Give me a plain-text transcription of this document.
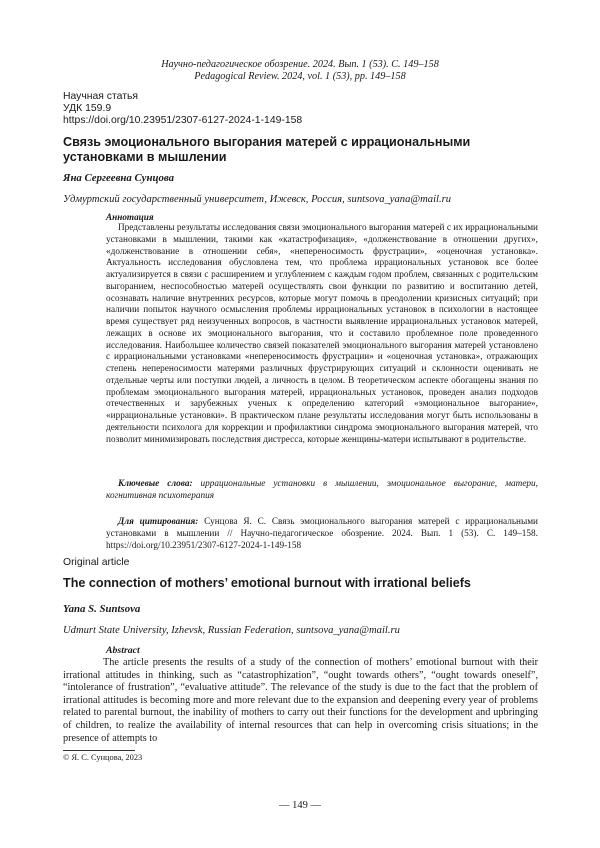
Научно-педагогическое обозрение. 2024. Вып. 1 (53). С. 149–158
Pedagogical Review. 2024, vol. 1 (53), pp. 149–158
Научная статья
УДК 159.9
https://doi.org/10.23951/2307-6127-2024-1-149-158
Связь эмоционального выгорания матерей с иррациональными установками в мышлении
Яна Сергеевна Сунцова
Удмуртский государственный университет, Ижевск, Россия, suntsova_yana@mail.ru
Аннотация
Представлены результаты исследования связи эмоционального выгорания матерей с их иррациональными установками в мышлении, такими как «катастрофизация», «долженствование в отношении других», «долженствование в отношении себя», «непереносимость фрустрации», «оценочная установка». Актуальность исследования обусловлена тем, что проблема иррациональных установок все более актуализируется в связи с расширением и углублением с каждым годом проблем, связанных с родительским выгоранием, неспособностью матерей осуществлять свои функции по развитию и воспитанию детей, осознавать наличие внутренних ресурсов, которые могут помочь в преодолении кризисных ситуаций; при наличии попыток научного осмысления проблемы иррациональных установок в психологии в настоящее время существует ряд неизученных вопросов, в частности выявление иррациональных установок матерей, лежащих в основе их эмоционального выгорания, что и составило проблемное поле проведенного исследования. Наибольшее количество связей показателей эмоционального выгорания матерей установлено с иррациональными установками «непереносимость фрустрации» и «оценочная установка», отражающих степень непереносимости матерями различных фрустрирующих ситуаций и склонности оценивать не отдельные черты или поступки людей, а личность в целом. В теоретическом аспекте обогащены знания по проблемам эмоционального выгорания матерей, иррациональных установок, проведен анализ подходов отечественных и зарубежных ученых к определению категорий «эмоциональное выгорание», «иррациональные установки». В практическом плане результаты исследования могут быть использованы в деятельности психолога для коррекции и профилактики синдрома эмоционального выгорания матерей, что позволит минимизировать последствия дистресса, которые женщины-матери испытывают в родительстве.
Ключевые слова: иррациональные установки в мышлении, эмоциональное выгорание, матери, когнитивная психотерапия
Для цитирования: Сунцова Я. С. Связь эмоционального выгорания матерей с иррациональными установками в мышлении // Научно-педагогическое обозрение. 2024. Вып. 1 (53). С. 149–158. https://doi.org/10.23951/2307-6127-2024-1-149-158
Original article
The connection of mothers’ emotional burnout with irrational beliefs
Yana S. Suntsova
Udmurt State University, Izhevsk, Russian Federation, suntsova_yana@mail.ru
Abstract
The article presents the results of a study of the connection of mothers’ emotional burnout with their irrational attitudes in thinking, such as “catastrophization”, “ought towards others”, “ought towards oneself”, “intolerance of frustration”, “evaluative attitude”. The relevance of the study is due to the fact that the problem of irrational attitudes is becoming more and more relevant due to the expansion and deepening every year of problems related to parental burnout, the inability of mothers to carry out their functions for the development and upbringing of children, to realize the availability of internal resources that can help in overcoming crisis situations; in the presence of attempts to
© Я. С. Сунцова, 2023
— 149 —
